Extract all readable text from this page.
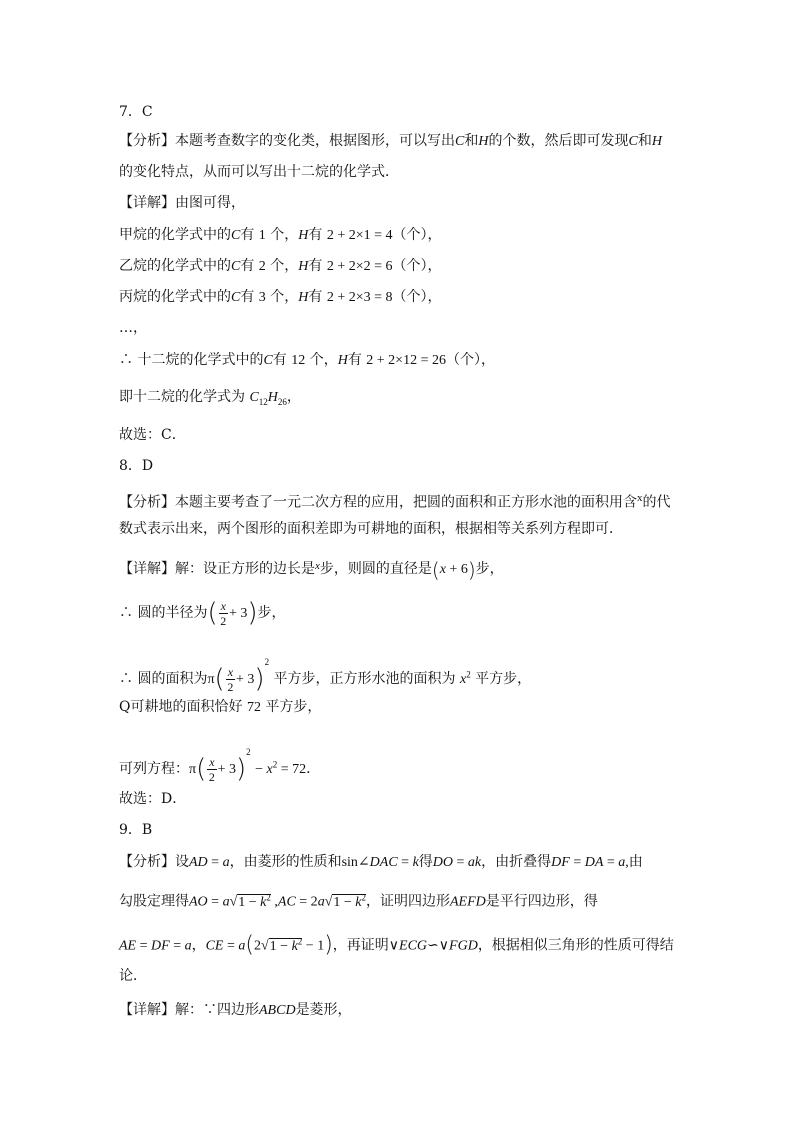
7．C
【分析】本题考查数字的变化类，根据图形，可以写出C和H的个数，然后即可发现C和H
的变化特点，从而可以写出十二烷的化学式．
【详解】由图可得，
甲烷的化学式中的C有 1 个，H有 2 + 2×1 = 4（个），
乙烷的化学式中的C有 2 个，H有 2 + 2×2 = 6（个），
丙烷的化学式中的C有 3 个，H有 2 + 2×3 = 8（个），
…，
∴ 十二烷的化学式中的C有 12 个，H有 2 + 2×12 = 26（个），
即十二烷的化学式为 $C_{12}H_{26}$，
故选：C．
8．D
【分析】本题主要考查了一元二次方程的应用，把圆的面积和正方形水池的面积用含$^x$的代
数式表示出来，两个图形的面积差即为可耕地的面积，根据相等关系列方程即可．
【详解】解：设正方形的边长是$^x$步，则圆的直径是(x + 6)步，
∴ 圆的半径为( $\frac{x}{2} + 3$)步，
∴ 圆的面积为$\pi( \frac{x}{2} + 3)^2$ 平方步，正方形水池的面积为 $x^2$ 平方步，
Q可耕地的面积恰好 72 平方步，
可列方程：$\pi( \frac{x}{2} + 3)^2 - x^2 = 72$．
故选：D．
9．B
【分析】设AD = a，由菱形的性质和sin∠DAC = k得DO = ak，由折叠得DF = DA = a,由
勾股定理得AO = $a√1 - k^2$ $,AC = 2a√1 - k^2$，证明四边形AEFD是平行四边形，得
AE = DF = a，CE = $a(2√1 - k^2 - 1)$，再证明∨ECG∽∨FGD，根据相似三角形的性质可得结
论．
【详解】解：∵四边形ABCD是菱形，
